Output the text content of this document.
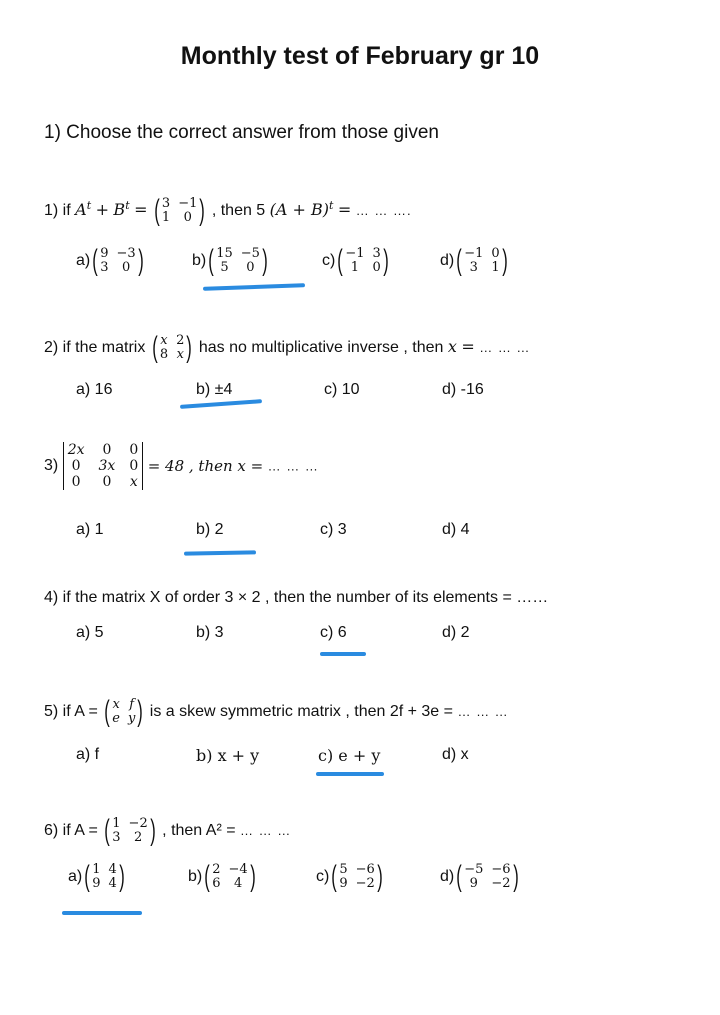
Monthly test of February gr 10
1) Choose the correct answer from those given
1) if $A^t + B^t$ = ( 3 −1
1	0 ) , then 5 $(A + B)^t$ = … … ….
a)( 9 −3
3	0 )	b)( 15 −5
5	0 )	c)( −1 3
1	0 )	d)( −1 0
3	1 )
2) if the matrix ( x 2
8 x ) has no multiplicative inverse , then x = … … …
a) 16	b) ±4	c) 10	d) -16
3)
2x 0 0
0 3x 0
0 0 x
= 48 , then x = … … …
a) 1	b) 2	c) 3	d) 4
4) if the matrix X of order 3 × 2 , then the number of its elements = ……
a) 5	b) 3	c) 6	d) 2
5) if A = ( x f
e y ) is a skew symmetric matrix , then 2f + 3e = … … …
a) f	b) x + y	c) e + y	d) x
6) if A = ( 1 −2
3	2 ) , then A² = … … …
a)( 1 4
9 4 )	b)( 2 −4
6	4 )	c)( 5 −6
9 −2 )	d)( −5 −6
9	−2 )
